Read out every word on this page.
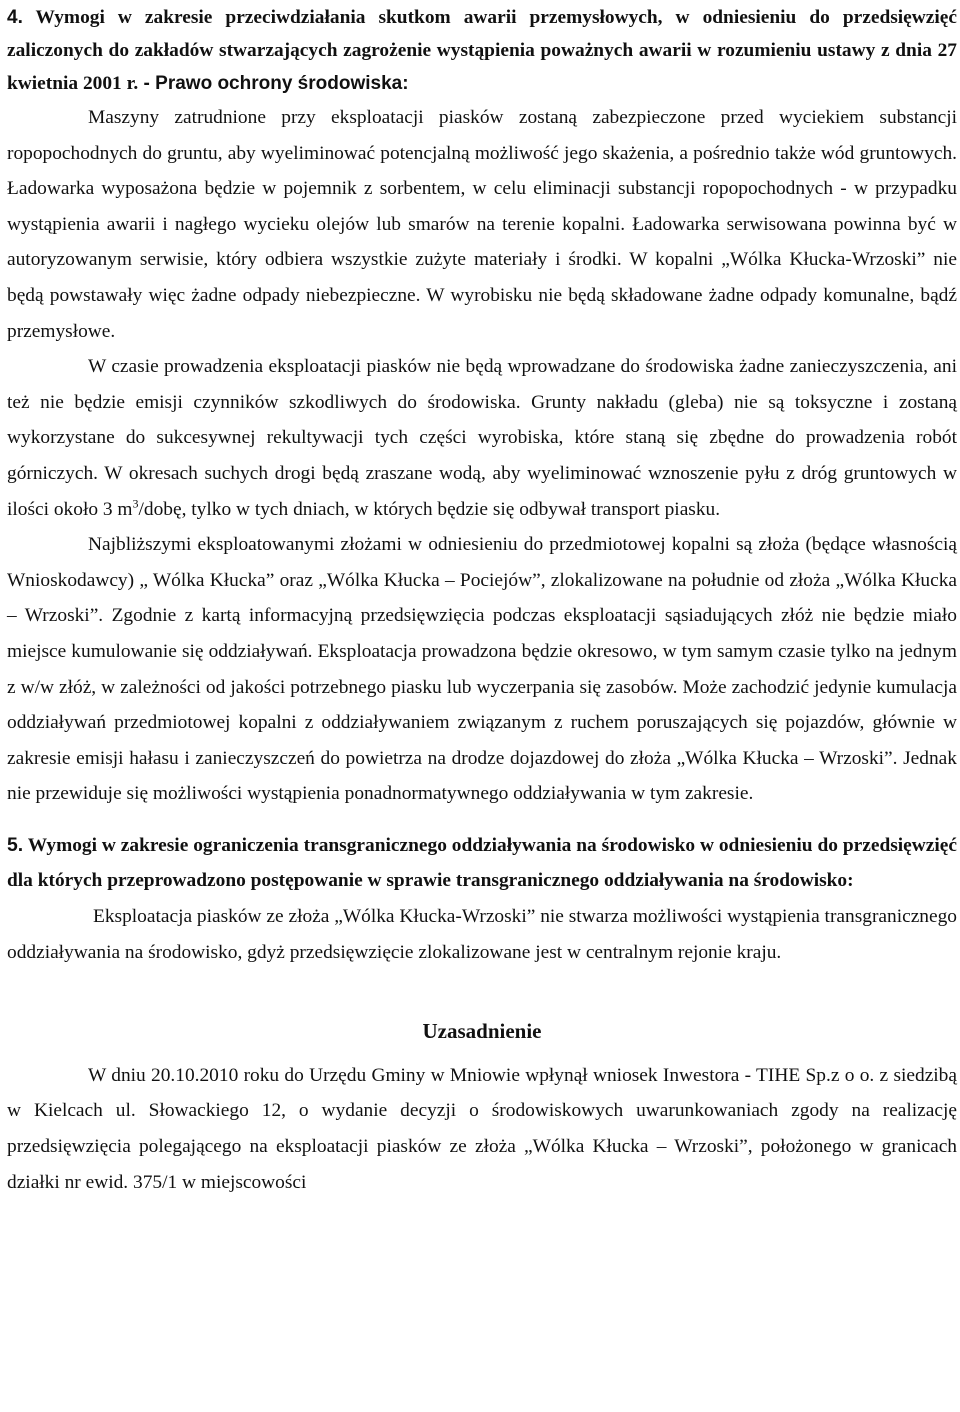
4. Wymogi w zakresie przeciwdziałania skutkom awarii przemysłowych, w odniesieniu do przedsięwzięć zaliczonych do zakładów stwarzających zagrożenie wystąpienia poważnych awarii w rozumieniu ustawy z dnia 27 kwietnia 2001 r. - Prawo ochrony środowiska:

Maszyny zatrudnione przy eksploatacji piasków zostaną zabezpieczone przed wyciekiem substancji ropopochodnych do gruntu, aby wyeliminować potencjalną możliwość jego skażenia, a pośrednio także wód gruntowych. Ładowarka wyposażona będzie w pojemnik z sorbentem, w celu eliminacji substancji ropopochodnych - w przypadku wystąpienia awarii i nagłego wycieku olejów lub smarów na terenie kopalni. Ładowarka serwisowana powinna być w autoryzowanym serwisie, który odbiera wszystkie zużyte materiały i środki. W kopalni „Wólka Kłucka-Wrzoski” nie będą powstawały więc żadne odpady niebezpieczne. W wyrobisku nie będą składowane żadne odpady komunalne, bądź przemysłowe.

W czasie prowadzenia eksploatacji piasków nie będą wprowadzane do środowiska żadne zanieczyszczenia, ani też nie będzie emisji czynników szkodliwych do środowiska. Grunty nakładu (gleba) nie są toksyczne i zostaną wykorzystane do sukcesywnej rekultywacji tych części wyrobiska, które staną się zbędne do prowadzenia robót górniczych. W okresach suchych drogi będą zraszane wodą, aby wyeliminować wznoszenie pyłu z dróg gruntowych w ilości około 3 $m^3$/dobę, tylko w tych dniach, w których będzie się odbywał transport piasku.

Najbliższymi eksploatowanymi złożami w odniesieniu do przedmiotowej kopalni są złoża (będące własnością Wnioskodawcy) „ Wólka Kłucka” oraz „Wólka Kłucka – Pociejów”, zlokalizowane na południe od złoża „Wólka Kłucka – Wrzoski”. Zgodnie z kartą informacyjną przedsięwzięcia podczas eksploatacji sąsiadujących złóż nie będzie miało miejsce kumulowanie się oddziaływań. Eksploatacja prowadzona będzie okresowo, w tym samym czasie tylko na jednym z w/w złóż, w zależności od jakości potrzebnego piasku lub wyczerpania się zasobów. Może zachodzić jedynie kumulacja oddziaływań przedmiotowej kopalni z oddziaływaniem związanym z ruchem poruszających się pojazdów, głównie w zakresie emisji hałasu i zanieczyszczeń do powietrza na drodze dojazdowej do złoża „Wólka Kłucka – Wrzoski”. Jednak nie przewiduje się możliwości wystąpienia ponadnormatywnego oddziaływania w tym zakresie.

5. Wymogi w zakresie ograniczenia transgranicznego oddziaływania na środowisko w odniesieniu do przedsięwzięć dla których przeprowadzono postępowanie w sprawie transgranicznego oddziaływania na środowisko:

Eksploatacja piasków ze złoża „Wólka Kłucka-Wrzoski” nie stwarza możliwości wystąpienia transgranicznego oddziaływania na środowisko, gdyż przedsięwzięcie zlokalizowane jest w centralnym rejonie kraju.

Uzasadnienie

W dniu 20.10.2010 roku do Urzędu Gminy w Mniowie wpłynął wniosek Inwestora - TIHE Sp.z o o. z siedzibą w Kielcach ul. Słowackiego 12, o wydanie decyzji o środowiskowych uwarunkowaniach zgody na realizację przedsięwzięcia polegającego na eksploatacji piasków ze złoża „Wólka Kłucka – Wrzoski”, położonego w granicach działki nr ewid. 375/1 w miejscowości
